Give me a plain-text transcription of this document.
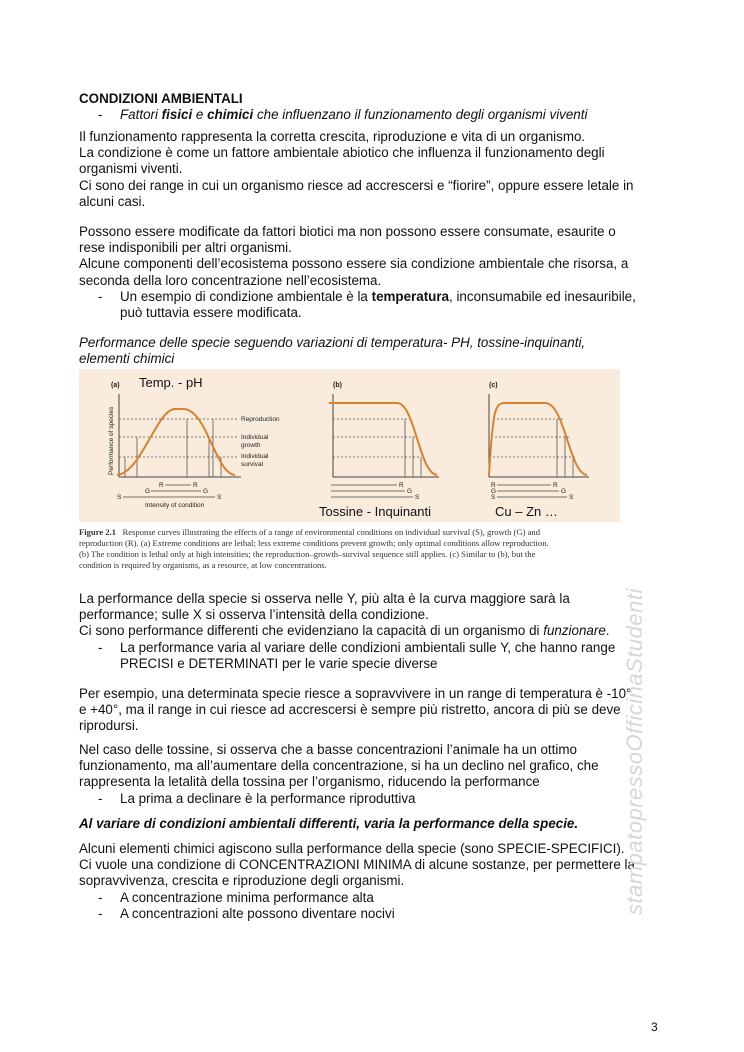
CONDIZIONI AMBIENTALI
- Fattori fisici e chimici che influenzano il funzionamento degli organismi viventi
Il funzionamento rappresenta la corretta crescita, riproduzione e vita di un organismo.
La condizione è come un fattore ambientale abiotico che influenza il funzionamento degli
organismi viventi.
Ci sono dei range in cui un organismo riesce ad accrescersi e “fiorire”, oppure essere letale in
alcuni casi.
Possono essere modificate da fattori biotici ma non possono essere consumate, esaurite o
rese indisponibili per altri organismi.
Alcune componenti dell’ecosistema possono essere sia condizione ambientale che risorsa, a
seconda della loro concentrazione nell’ecosistema.
- Un esempio di condizione ambientale è la temperatura, inconsumabile ed inesauribile,
può tuttavia essere modificata.
Performance delle specie seguendo variazioni di temperatura- PH, tossine-inquinanti,
elementi chimici
(a) Temp. - pH
Performance of species	Reproduction
Individual
growth
Individual
survival
R	R
G	G
S	S
Intensity of condition
(b)
R
G
S
Tossine - Inquinanti
(c)
R	R
G	G
S	S
Cu – Zn …
Figure 2.1 Response curves illustrating the effects of a range of environmental conditions on individual survival (S), growth (G) and
reproduction (R). (a) Extreme conditions are lethal; less extreme conditions prevent growth; only optimal conditions allow reproduction.
(b) The condition is lethal only at high intensities; the reproduction–growth–survival sequence still applies. (c) Similar to (b), but the
condition is required by organisms, as a resource, at low concentrations.
La performance della specie si osserva nelle Y, più alta è la curva maggiore sarà la
performance; sulle X si osserva l’intensità della condizione.
Ci sono performance differenti che evidenziano la capacità di un organismo di funzionare.
- La performance varia al variare delle condizioni ambientali sulle Y, che hanno range
PRECISI e DETERMINATI per le varie specie diverse
Per esempio, una determinata specie riesce a sopravvivere in un range di temperatura è -10°
e +40°, ma il range in cui riesce ad accrescersi è sempre più ristretto, ancora di più se deve
riprodursi.
Nel caso delle tossine, si osserva che a basse concentrazioni l’animale ha un ottimo
funzionamento, ma all’aumentare della concentrazione, si ha un declino nel grafico, che
rappresenta la letalità della tossina per l’organismo, riducendo la performance
- La prima a declinare è la performance riproduttiva
Al variare di condizioni ambientali differenti, varia la performance della specie.
Alcuni elementi chimici agiscono sulla performance della specie (sono SPECIE-SPECIFICI).
Ci vuole una condizione di CONCENTRAZIONI MINIMA di alcune sostanze, per permettere la
sopravvivenza, crescita e riproduzione degli organismi.
- A concentrazione minima performance alta
- A concentrazioni alte possono diventare nocivi	stampatopressoOfficinaStudenti
3
